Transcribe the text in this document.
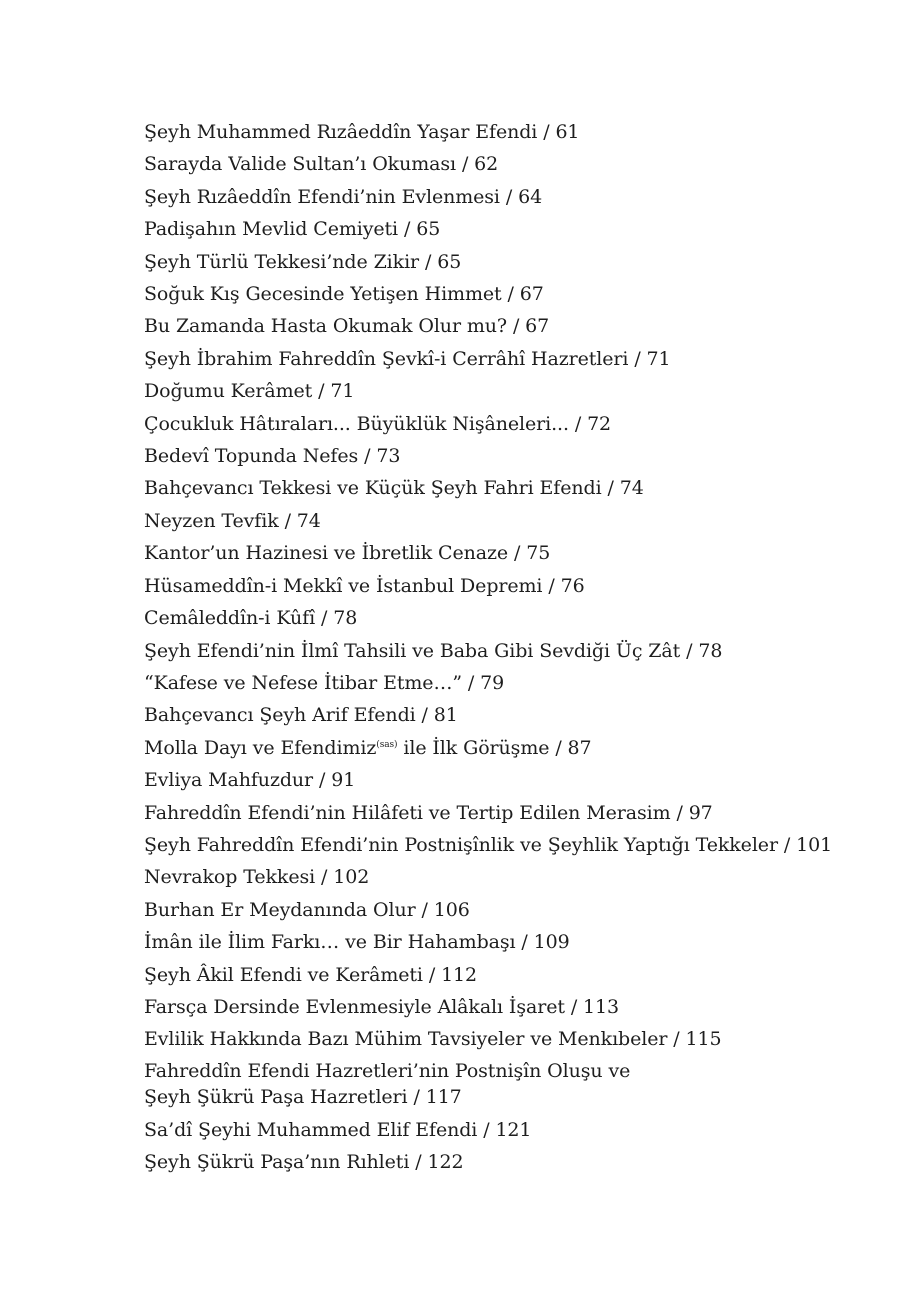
Şeyh Muhammed Rızâeddîn Yaşar Efendi / 61
Sarayda Valide Sultan’ı Okuması / 62
Şeyh Rızâeddîn Efendi’nin Evlenmesi / 64
Padişahın Mevlid Cemiyeti / 65
Şeyh Türlü Tekkesi’nde Zikir / 65
Soğuk Kış Gecesinde Yetişen Himmet / 67
Bu Zamanda Hasta Okumak Olur mu? / 67
Şeyh İbrahim Fahreddîn Şevkî-i Cerrâhî Hazretleri / 71
Doğumu Kerâmet / 71
Çocukluk Hâtıraları... Büyüklük Nişâneleri... / 72
Bedevî Topunda Nefes / 73
Bahçevancı Tekkesi ve Küçük Şeyh Fahri Efendi / 74
Neyzen Tevfik / 74
Kantor’un Hazinesi ve İbretlik Cenaze / 75
Hüsameddîn-i Mekkî ve İstanbul Depremi / 76
Cemâleddîn-i Kûfî / 78
Şeyh Efendi’nin İlmî Tahsili ve Baba Gibi Sevdiği Üç Zât / 78
“Kafese ve Nefese İtibar Etme…” / 79
Bahçevancı Şeyh Arif Efendi / 81
Molla Dayı ve Efendimiz$^{(sas)}$ ile İlk Görüşme / 87
Evliya Mahfuzdur / 91
Fahreddîn Efendi’nin Hilâfeti ve Tertip Edilen Merasim / 97
Şeyh Fahreddîn Efendi’nin Postnişînlik ve Şeyhlik Yaptığı Tekkeler / 101
Nevrakop Tekkesi / 102
Burhan Er Meydanında Olur / 106
İmân ile İlim Farkı… ve Bir Hahambaşı / 109
Şeyh Âkil Efendi ve Kerâmeti / 112
Farsça Dersinde Evlenmesiyle Alâkalı İşaret / 113
Evlilik Hakkında Bazı Mühim Tavsiyeler ve Menkıbeler / 115
Fahreddîn Efendi Hazretleri’nin Postnişîn Oluşu ve
Şeyh Şükrü Paşa Hazretleri / 117
Sa’dî Şeyhi Muhammed Elif Efendi / 121
Şeyh Şükrü Paşa’nın Rıhleti / 122
